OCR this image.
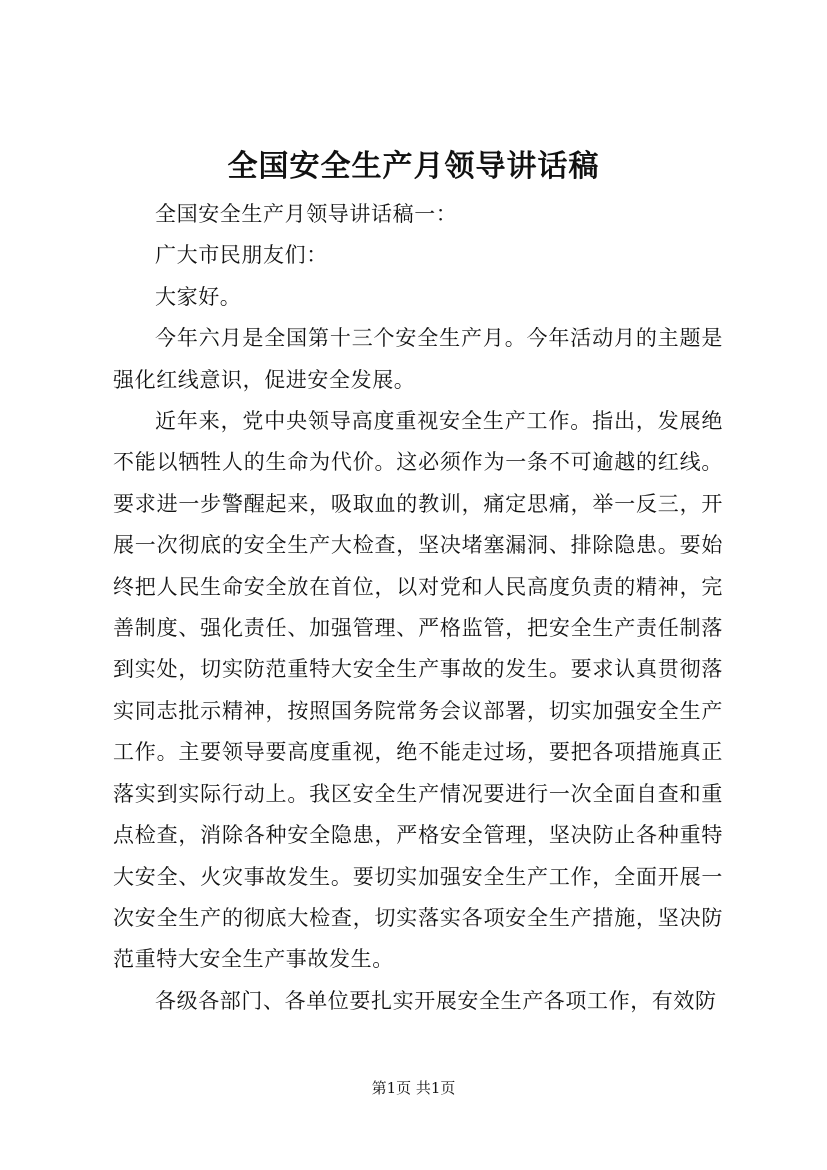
全国安全生产月领导讲话稿

全国安全生产月领导讲话稿一：

广大市民朋友们：

大家好。

今年六月是全国第十三个安全生产月。今年活动月的主题是强化红线意识，促进安全发展。

近年来，党中央领导高度重视安全生产工作。指出，发展绝不能以牺牲人的生命为代价。这必须作为一条不可逾越的红线。要求进一步警醒起来，吸取血的教训，痛定思痛，举一反三，开展一次彻底的安全生产大检查，坚决堵塞漏洞、排除隐患。要始终把人民生命安全放在首位，以对党和人民高度负责的精神，完善制度、强化责任、加强管理、严格监管，把安全生产责任制落到实处，切实防范重特大安全生产事故的发生。要求认真贯彻落实同志批示精神，按照国务院常务会议部署，切实加强安全生产工作。主要领导要高度重视，绝不能走过场，要把各项措施真正落实到实际行动上。我区安全生产情况要进行一次全面自查和重点检查，消除各种安全隐患，严格安全管理，坚决防止各种重特大安全、火灾事故发生。要切实加强安全生产工作，全面开展一次安全生产的彻底大检查，切实落实各项安全生产措施，坚决防范重特大安全生产事故发生。

各级各部门、各单位要扎实开展安全生产各项工作，有效防

第1页 共1页
